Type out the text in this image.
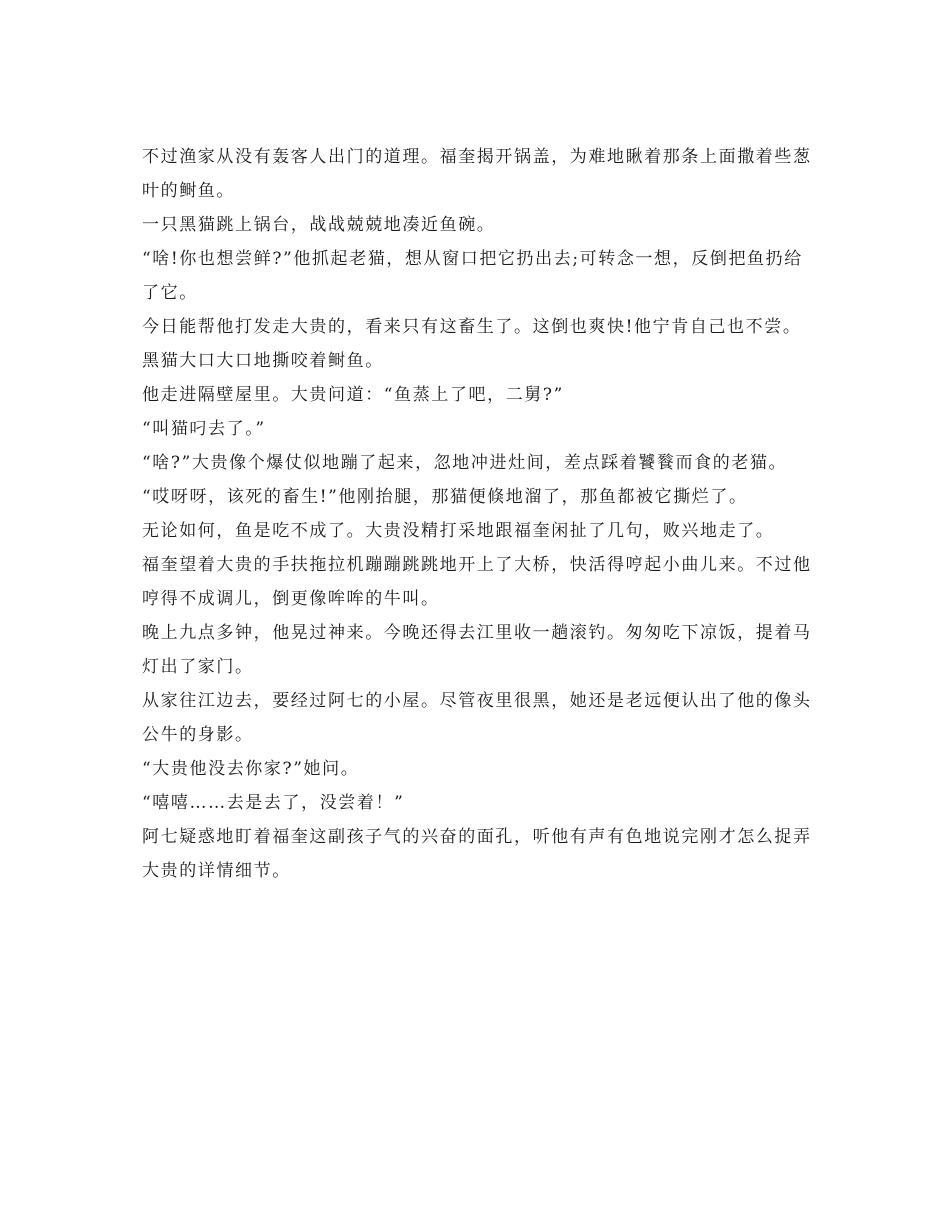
不过渔家从没有轰客人出门的道理。福奎揭开锅盖，为难地瞅着那条上面撒着些葱叶的鲥鱼。

一只黑猫跳上锅台，战战兢兢地凑近鱼碗。

“啥!你也想尝鲜?”他抓起老猫，想从窗口把它扔出去;可转念一想，反倒把鱼扔给了它。

今日能帮他打发走大贵的，看来只有这畜生了。这倒也爽快!他宁肯自己也不尝。

黑猫大口大口地撕咬着鲥鱼。

他走进隔壁屋里。大贵问道：“鱼蒸上了吧，二舅?”

“叫猫叼去了。”

“啥?”大贵像个爆仗似地蹦了起来，忽地冲进灶间，差点踩着饕餮而食的老猫。

“哎呀呀，该死的畜生!”他刚抬腿，那猫便倏地溜了，那鱼都被它撕烂了。

无论如何，鱼是吃不成了。大贵没精打采地跟福奎闲扯了几句，败兴地走了。

福奎望着大贵的手扶拖拉机蹦蹦跳跳地开上了大桥，快活得哼起小曲儿来。不过他哼得不成调儿，倒更像哞哞的牛叫。

晚上九点多钟，他晃过神来。今晚还得去江里收一趟滚钓。匆匆吃下凉饭，提着马灯出了家门。

从家往江边去，要经过阿七的小屋。尽管夜里很黑，她还是老远便认出了他的像头公牛的身影。

“大贵他没去你家?”她问。

“嘻嘻……去是去了，没尝着！”

阿七疑惑地盯着福奎这副孩子气的兴奋的面孔，听他有声有色地说完刚才怎么捉弄大贵的详情细节。
